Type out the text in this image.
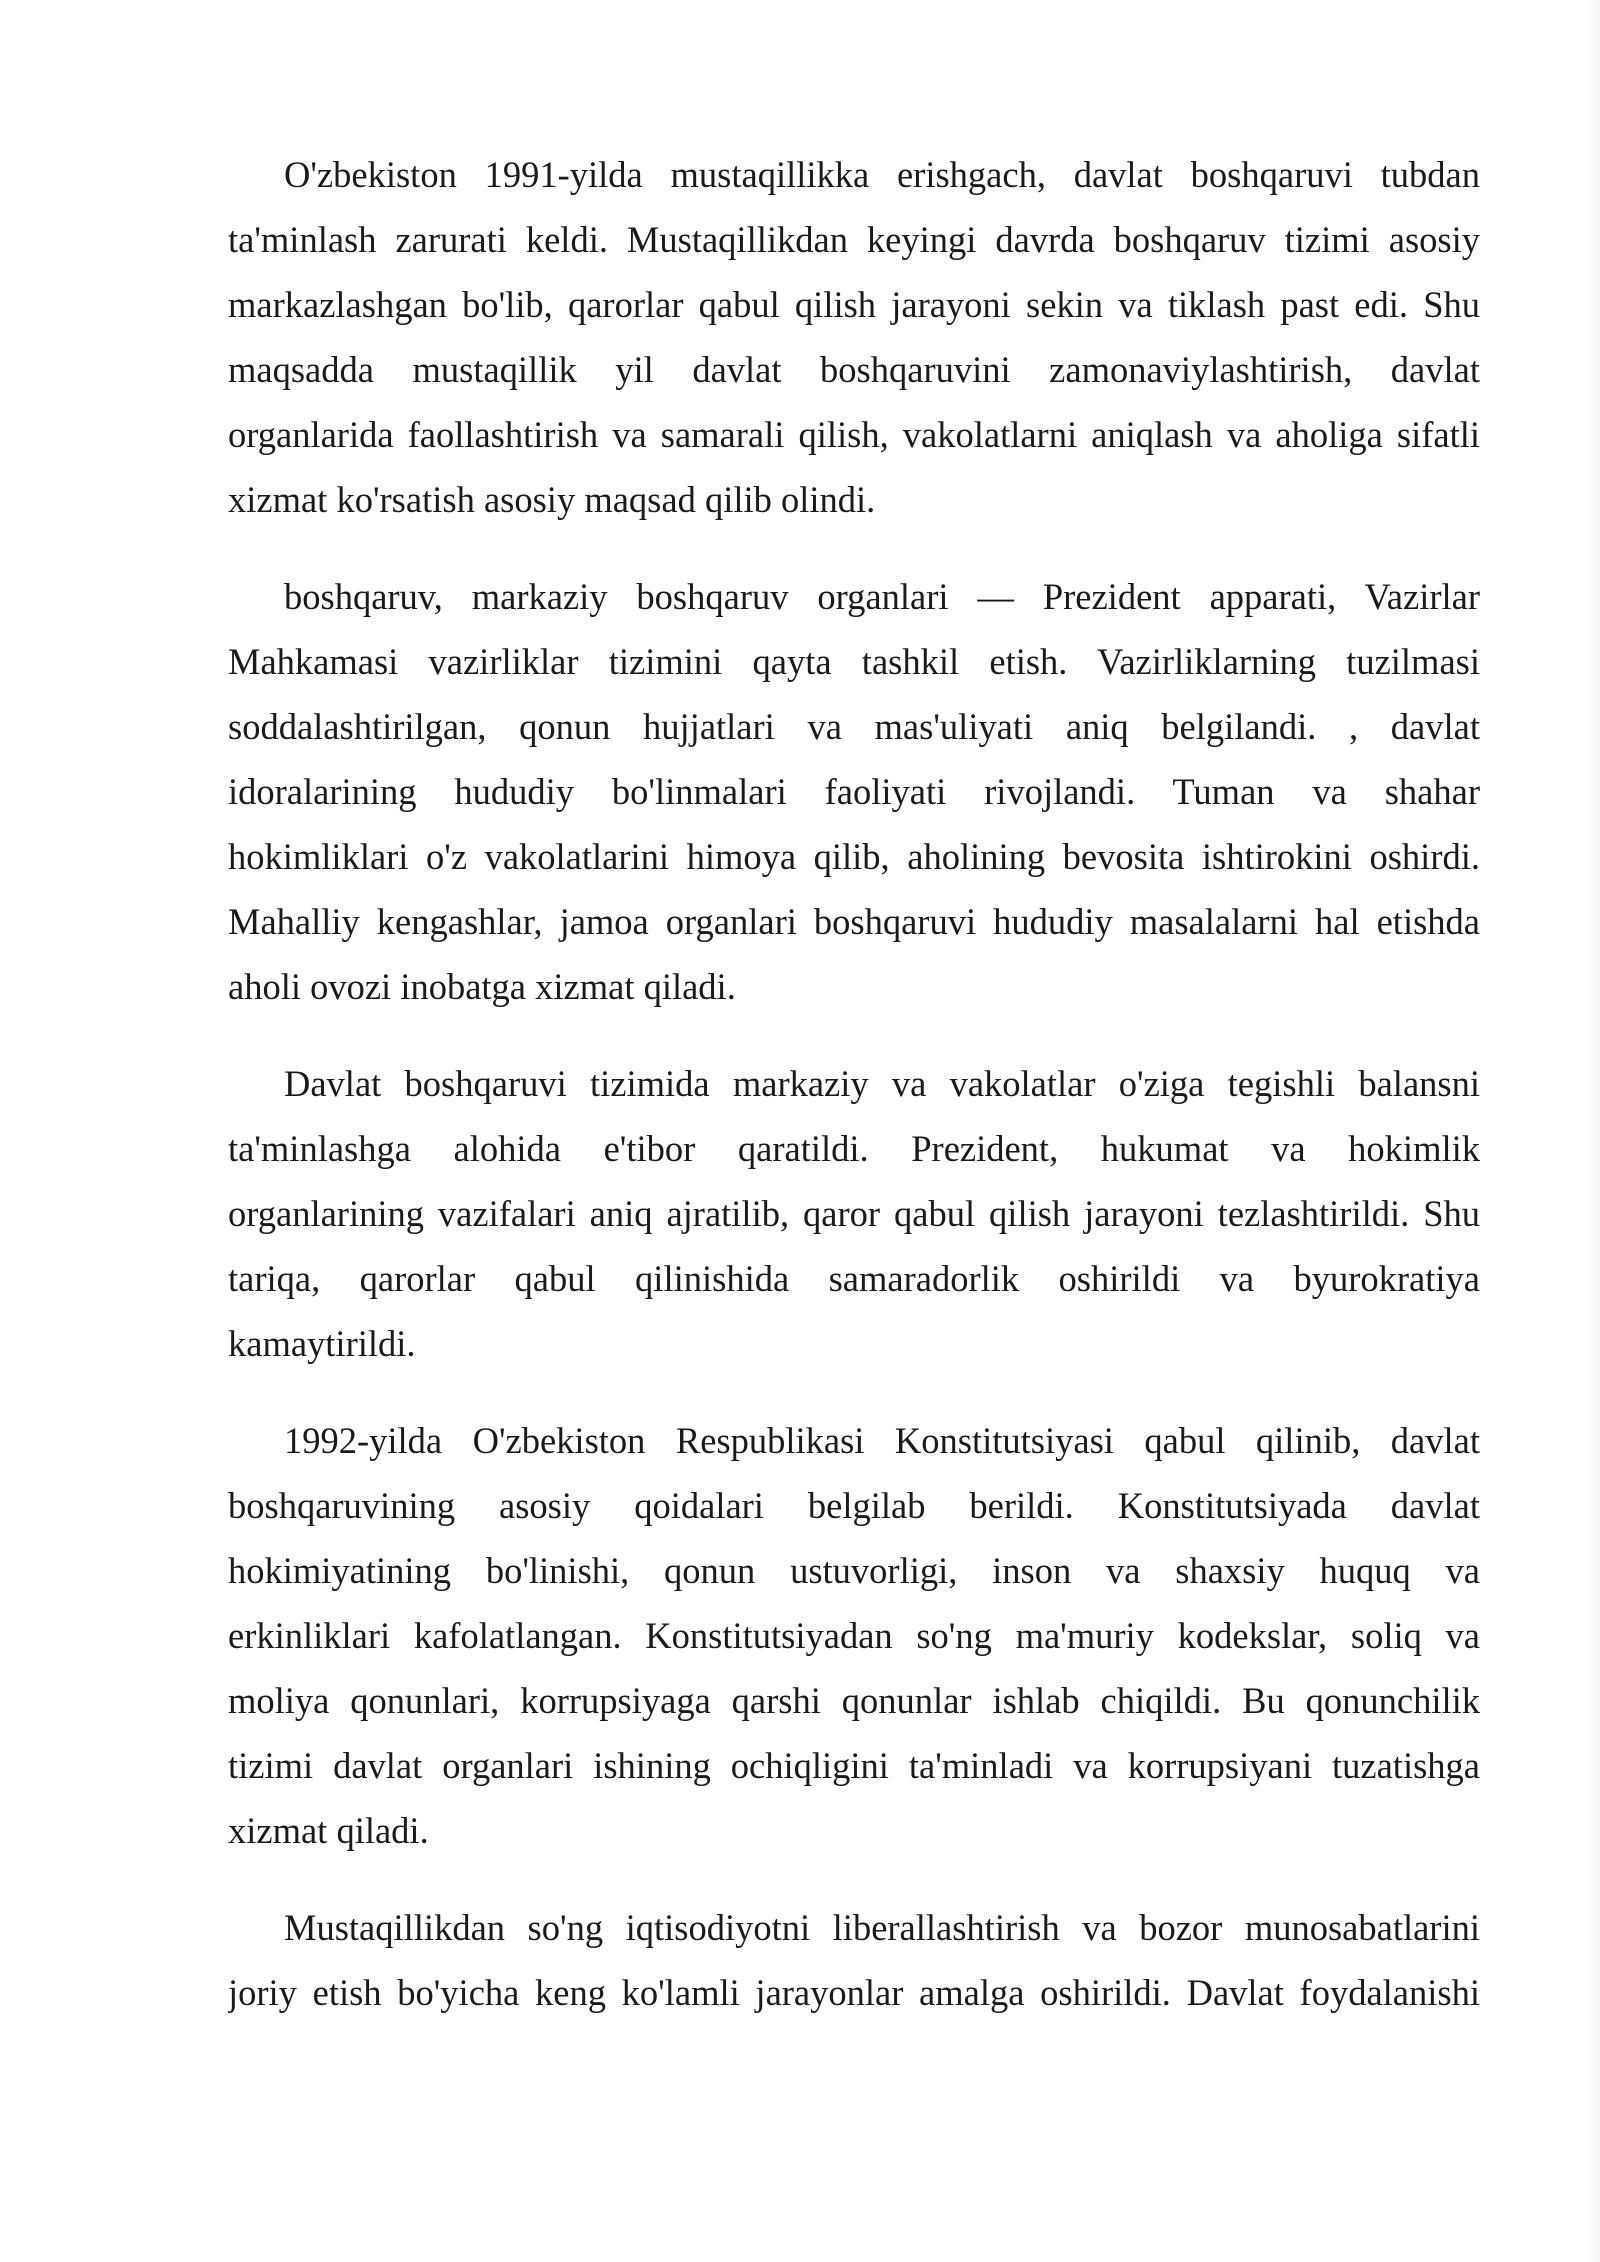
O'zbekiston 1991-yilda mustaqillikka erishgach, davlat boshqaruvi tubdan
ta'minlash zarurati keldi. Mustaqillikdan keyingi davrda boshqaruv tizimi asosiy
markazlashgan bo'lib, qarorlar qabul qilish jarayoni sekin va tiklash past edi. Shu
maqsadda mustaqillik yil davlat boshqaruvini zamonaviylashtirish, davlat
organlarida faollashtirish va samarali qilish, vakolatlarni aniqlash va aholiga sifatli
xizmat ko'rsatish asosiy maqsad qilib olindi.
boshqaruv, markaziy boshqaruv organlari — Prezident apparati, Vazirlar
Mahkamasi vazirliklar tizimini qayta tashkil etish. Vazirliklarning tuzilmasi
soddalashtirilgan, qonun hujjatlari va mas'uliyati aniq belgilandi. , davlat
idoralarining hududiy bo'linmalari faoliyati rivojlandi. Tuman va shahar
hokimliklari o'z vakolatlarini himoya qilib, aholining bevosita ishtirokini oshirdi.
Mahalliy kengashlar, jamoa organlari boshqaruvi hududiy masalalarni hal etishda
aholi ovozi inobatga xizmat qiladi.
Davlat boshqaruvi tizimida markaziy va vakolatlar o'ziga tegishli balansni
ta'minlashga alohida e'tibor qaratildi. Prezident, hukumat va hokimlik
organlarining vazifalari aniq ajratilib, qaror qabul qilish jarayoni tezlashtirildi. Shu
tariqa, qarorlar qabul qilinishida samaradorlik oshirildi va byurokratiya
kamaytirildi.
1992-yilda O'zbekiston Respublikasi Konstitutsiyasi qabul qilinib, davlat
boshqaruvining asosiy qoidalari belgilab berildi. Konstitutsiyada davlat
hokimiyatining bo'linishi, qonun ustuvorligi, inson va shaxsiy huquq va
erkinliklari kafolatlangan. Konstitutsiyadan so'ng ma'muriy kodekslar, soliq va
moliya qonunlari, korrupsiyaga qarshi qonunlar ishlab chiqildi. Bu qonunchilik
tizimi davlat organlari ishining ochiqligini ta'minladi va korrupsiyani tuzatishga
xizmat qiladi.
Mustaqillikdan so'ng iqtisodiyotni liberallashtirish va bozor munosabatlarini
joriy etish bo'yicha keng ko'lamli jarayonlar amalga oshirildi. Davlat foydalanishi
